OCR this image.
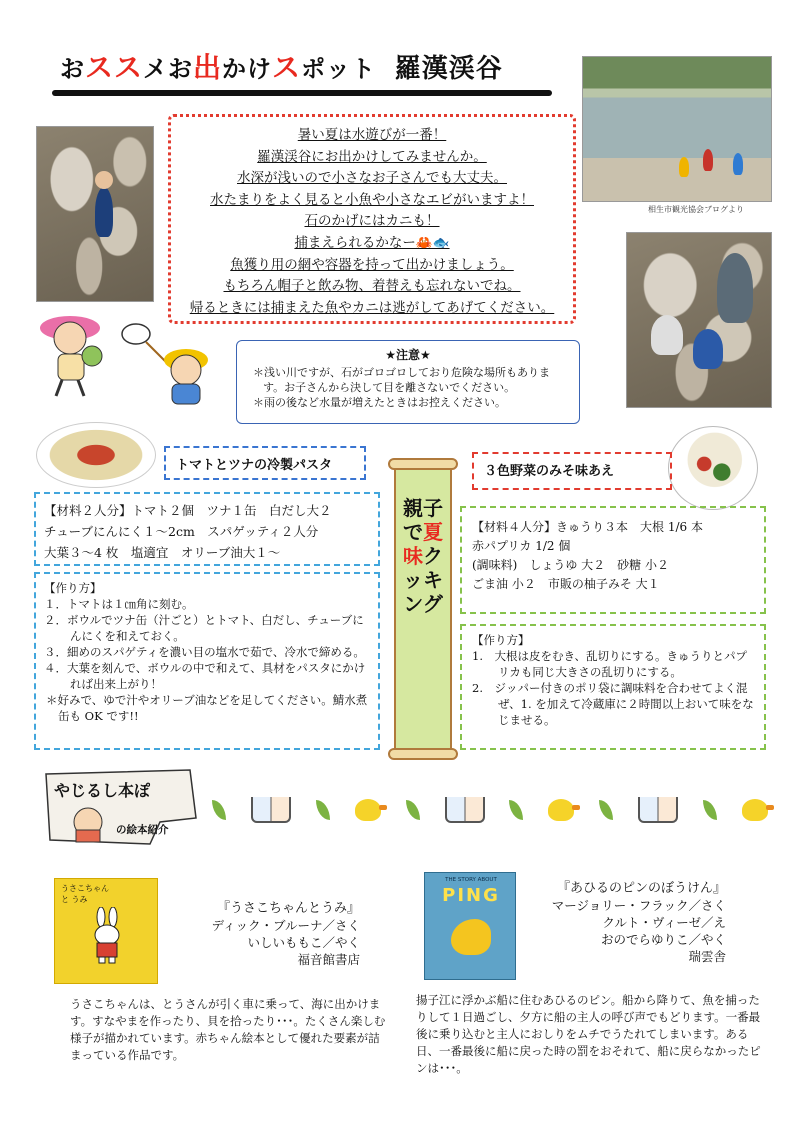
おススメお出かけスポット 羅漢渓谷
相生市観光協会ブログより

暑い夏は水遊びが一番！

羅漢渓谷にお出かけしてみませんか。

水深が浅いので小さなお子さんでも大丈夫。

水たまりをよく見ると小魚や小さなエビがいますよ！

石のかげにはカニも！

捕まえられるかなー🦀🐟

魚獲り用の網や容器を持って出かけましょう。

もちろん帽子と飲み物、着替えも忘れないでね。

帰るときには捕まえた魚やカニは逃がしてあげてください。

★注意★

＊浅い川ですが、石がゴロゴロしており危険な場所もあります。お子さんから決して目を離さないでください。

＊雨の後など水量が増えたときはお控えください。

トマトとツナの冷製パスタ
【材料２人分】トマト２個　ツナ１缶　白だし大２
チューブにんにく１～2cm　スパゲッティ２人分
大葉３～4 枚　塩適宜　オリーブ油大１～
【作り方】
１．トマトは１㎝角に刻む。
２．ボウルでツナ缶（汁ごと）とトマト、白だし、チューブにんにくを和えておく。
３．細めのスパゲティを濃い目の塩水で茹で、冷水で締める。
４．大葉を刻んで、ボウルの中で和えて、具材をパスタにかければ出来上がり！
＊好みで、ゆで汁やオリーブ油などを足してください。鯖水煮缶も OK です!!
親子で夏味クッキング
３色野菜のみそ味あえ
【材料４人分】きゅうり３本　大根 1/6 本
赤パプリカ 1/2 個
(調味料)　しょうゆ 大２　砂糖 小２
ごま油 小２　市販の柚子みそ 大１
【作り方】
1.　大根は皮をむき、乱切りにする。きゅうりとパプリカも同じ大きさの乱切りにする。
2.　ジッパー付きのポリ袋に調味料を合わせてよく混ぜ、1. を加えて冷蔵庫に２時間以上おいて味をなじませる。
やじるし本ぽ
の絵本紹介
うさこちゃんと うみ
『うさこちゃんとうみ』
ディック・ブルーナ／さく
いしいももこ／やく
福音館書店
うさこちゃんは、とうさんが引く車に乗って、海に出かけます。すなやまを作ったり、貝を拾ったり･･･。たくさん楽しむ様子が描かれています。赤ちゃん絵本として優れた要素が詰まっている作品です。
THE STORY ABOUT
PING	『あひるのピンのぼうけん』
マージョリー・フラック／さく
クルト・ヴィーゼ／え
おのでらゆりこ／やく
瑞雲舎
揚子江に浮かぶ船に住むあひるのピン。船から降りて、魚を捕ったりして１日過ごし、夕方に船の主人の呼び声でもどります。一番最後に乗り込むと主人におしりをムチでうたれてしまいます。ある日、一番最後に船に戻った時の罰をおそれて、船に戻らなかったピンは･･･。
